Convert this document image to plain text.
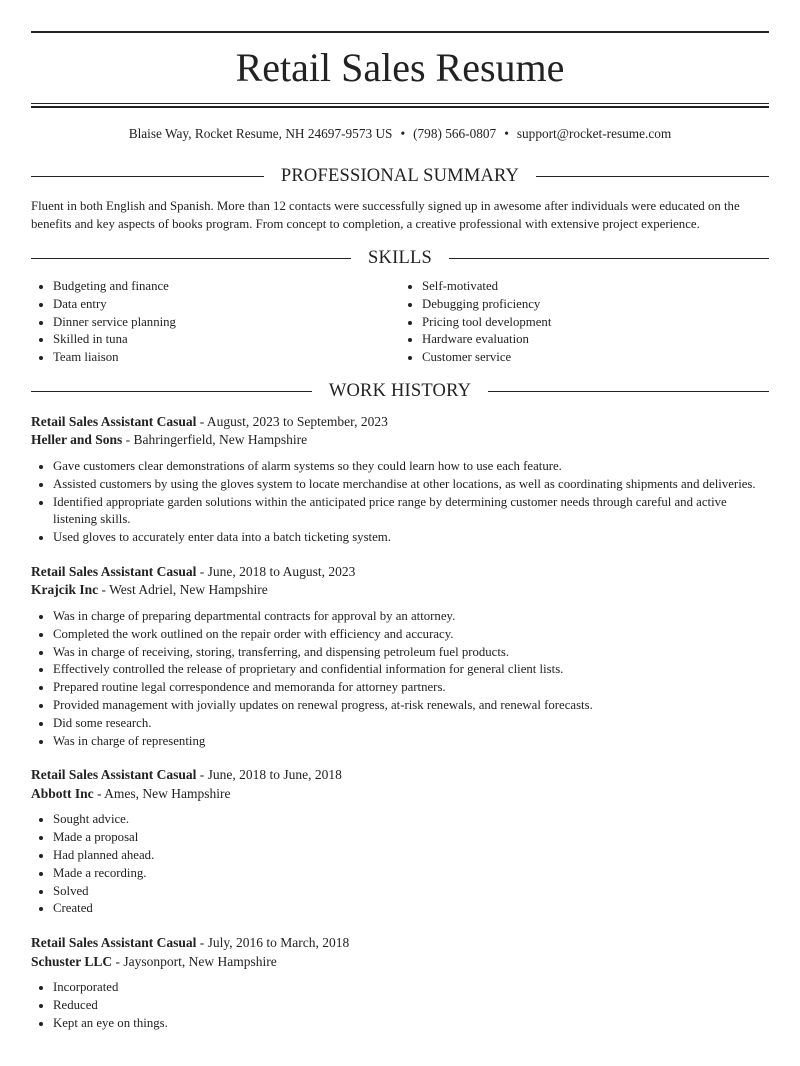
Retail Sales Resume
Blaise Way, Rocket Resume, NH 24697-9573 US • (798) 566-0807 • support@rocket-resume.com
PROFESSIONAL SUMMARY
Fluent in both English and Spanish. More than 12 contacts were successfully signed up in awesome after individuals were educated on the benefits and key aspects of books program. From concept to completion, a creative professional with extensive project experience.
SKILLS
• Budgeting and finance
• Data entry
• Dinner service planning
• Skilled in tuna
• Team liaison
• Self-motivated
• Debugging proficiency
• Pricing tool development
• Hardware evaluation
• Customer service
WORK HISTORY
Retail Sales Assistant Casual - August, 2023 to September, 2023
Heller and Sons - Bahringerfield, New Hampshire
• Gave customers clear demonstrations of alarm systems so they could learn how to use each feature.
• Assisted customers by using the gloves system to locate merchandise at other locations, as well as coordinating shipments and deliveries.
• Identified appropriate garden solutions within the anticipated price range by determining customer needs through careful and active listening skills.
• Used gloves to accurately enter data into a batch ticketing system.
Retail Sales Assistant Casual - June, 2018 to August, 2023
Krajcik Inc - West Adriel, New Hampshire
• Was in charge of preparing departmental contracts for approval by an attorney.
• Completed the work outlined on the repair order with efficiency and accuracy.
• Was in charge of receiving, storing, transferring, and dispensing petroleum fuel products.
• Effectively controlled the release of proprietary and confidential information for general client lists.
• Prepared routine legal correspondence and memoranda for attorney partners.
• Provided management with jovially updates on renewal progress, at-risk renewals, and renewal forecasts.
• Did some research.
• Was in charge of representing
Retail Sales Assistant Casual - June, 2018 to June, 2018
Abbott Inc - Ames, New Hampshire
• Sought advice.
• Made a proposal
• Had planned ahead.
• Made a recording.
• Solved
• Created
Retail Sales Assistant Casual - July, 2016 to March, 2018
Schuster LLC - Jaysonport, New Hampshire
• Incorporated
• Reduced
• Kept an eye on things.
